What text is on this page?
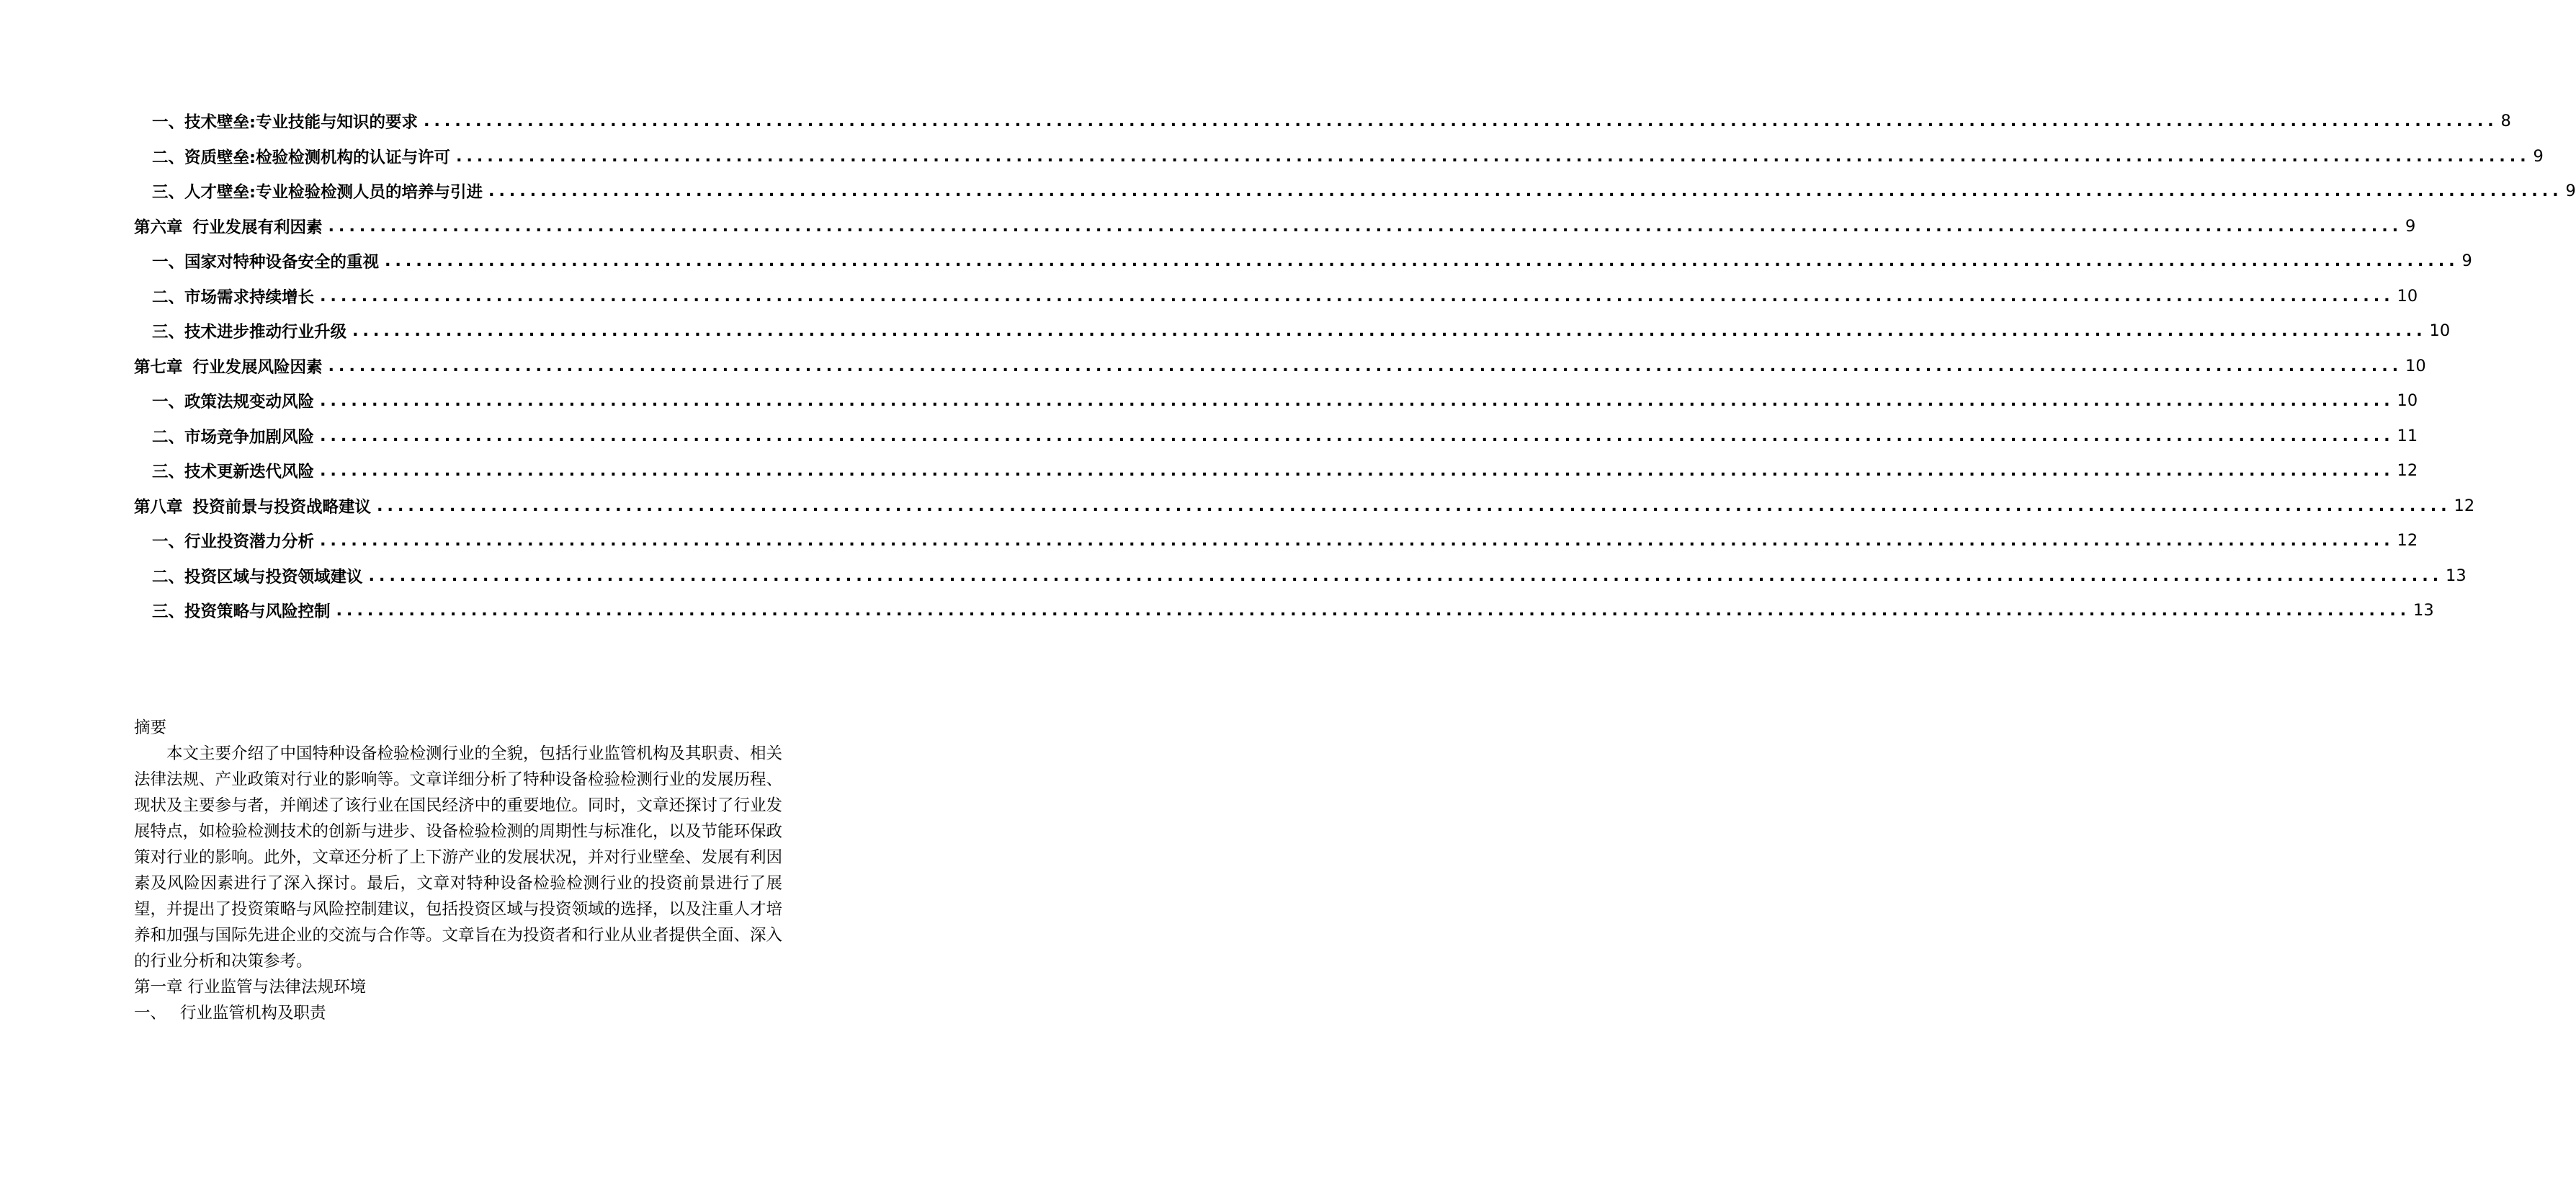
一、 技术壁垒:专业技能与知识的要求 ........................................................................................................................................................................................................ 8
二、 资质壁垒:检验检测机构的认证与许可 ........................................................................................................................................................................................................ 9
三、 人才壁垒:专业检验检测人员的培养与引进 ........................................................................................................................................................................................................ 9
第六章 行业发展有利因素 ........................................................................................................................................................................................................ 9
一、 国家对特种设备安全的重视 ........................................................................................................................................................................................................ 9
二、 市场需求持续增长 ........................................................................................................................................................................................................ 10
三、 技术进步推动行业升级 ........................................................................................................................................................................................................ 10
第七章 行业发展风险因素 ........................................................................................................................................................................................................ 10
一、 政策法规变动风险 ........................................................................................................................................................................................................ 10
二、 市场竞争加剧风险 ........................................................................................................................................................................................................ 11
三、 技术更新迭代风险 ........................................................................................................................................................................................................ 12
第八章 投资前景与投资战略建议 ........................................................................................................................................................................................................ 12
一、 行业投资潜力分析 ........................................................................................................................................................................................................ 12
二、 投资区域与投资领域建议 ........................................................................................................................................................................................................ 13
三、 投资策略与风险控制 ........................................................................................................................................................................................................ 13

摘要

本文主要介绍了中国特种设备检验检测行业的全貌，包括行业监管机构及其职责、相关法律法规、产业政策对行业的影响等。文章详细分析了特种设备检验检测行业的发展历程、现状及主要参与者，并阐述了该行业在国民经济中的重要地位。同时，文章还探讨了行业发展特点，如检验检测技术的创新与进步、设备检验检测的周期性与标准化，以及节能环保政策对行业的影响。此外，文章还分析了上下游产业的发展状况，并对行业壁垒、发展有利因素及风险因素进行了深入探讨。最后，文章对特种设备检验检测行业的投资前景进行了展望，并提出了投资策略与风险控制建议，包括投资区域与投资领域的选择，以及注重人才培养和加强与国际先进企业的交流与合作等。文章旨在为投资者和行业从业者提供全面、深入的行业分析和决策参考。

第一章 行业监管与法律法规环境

一、 行业监管机构及职责
